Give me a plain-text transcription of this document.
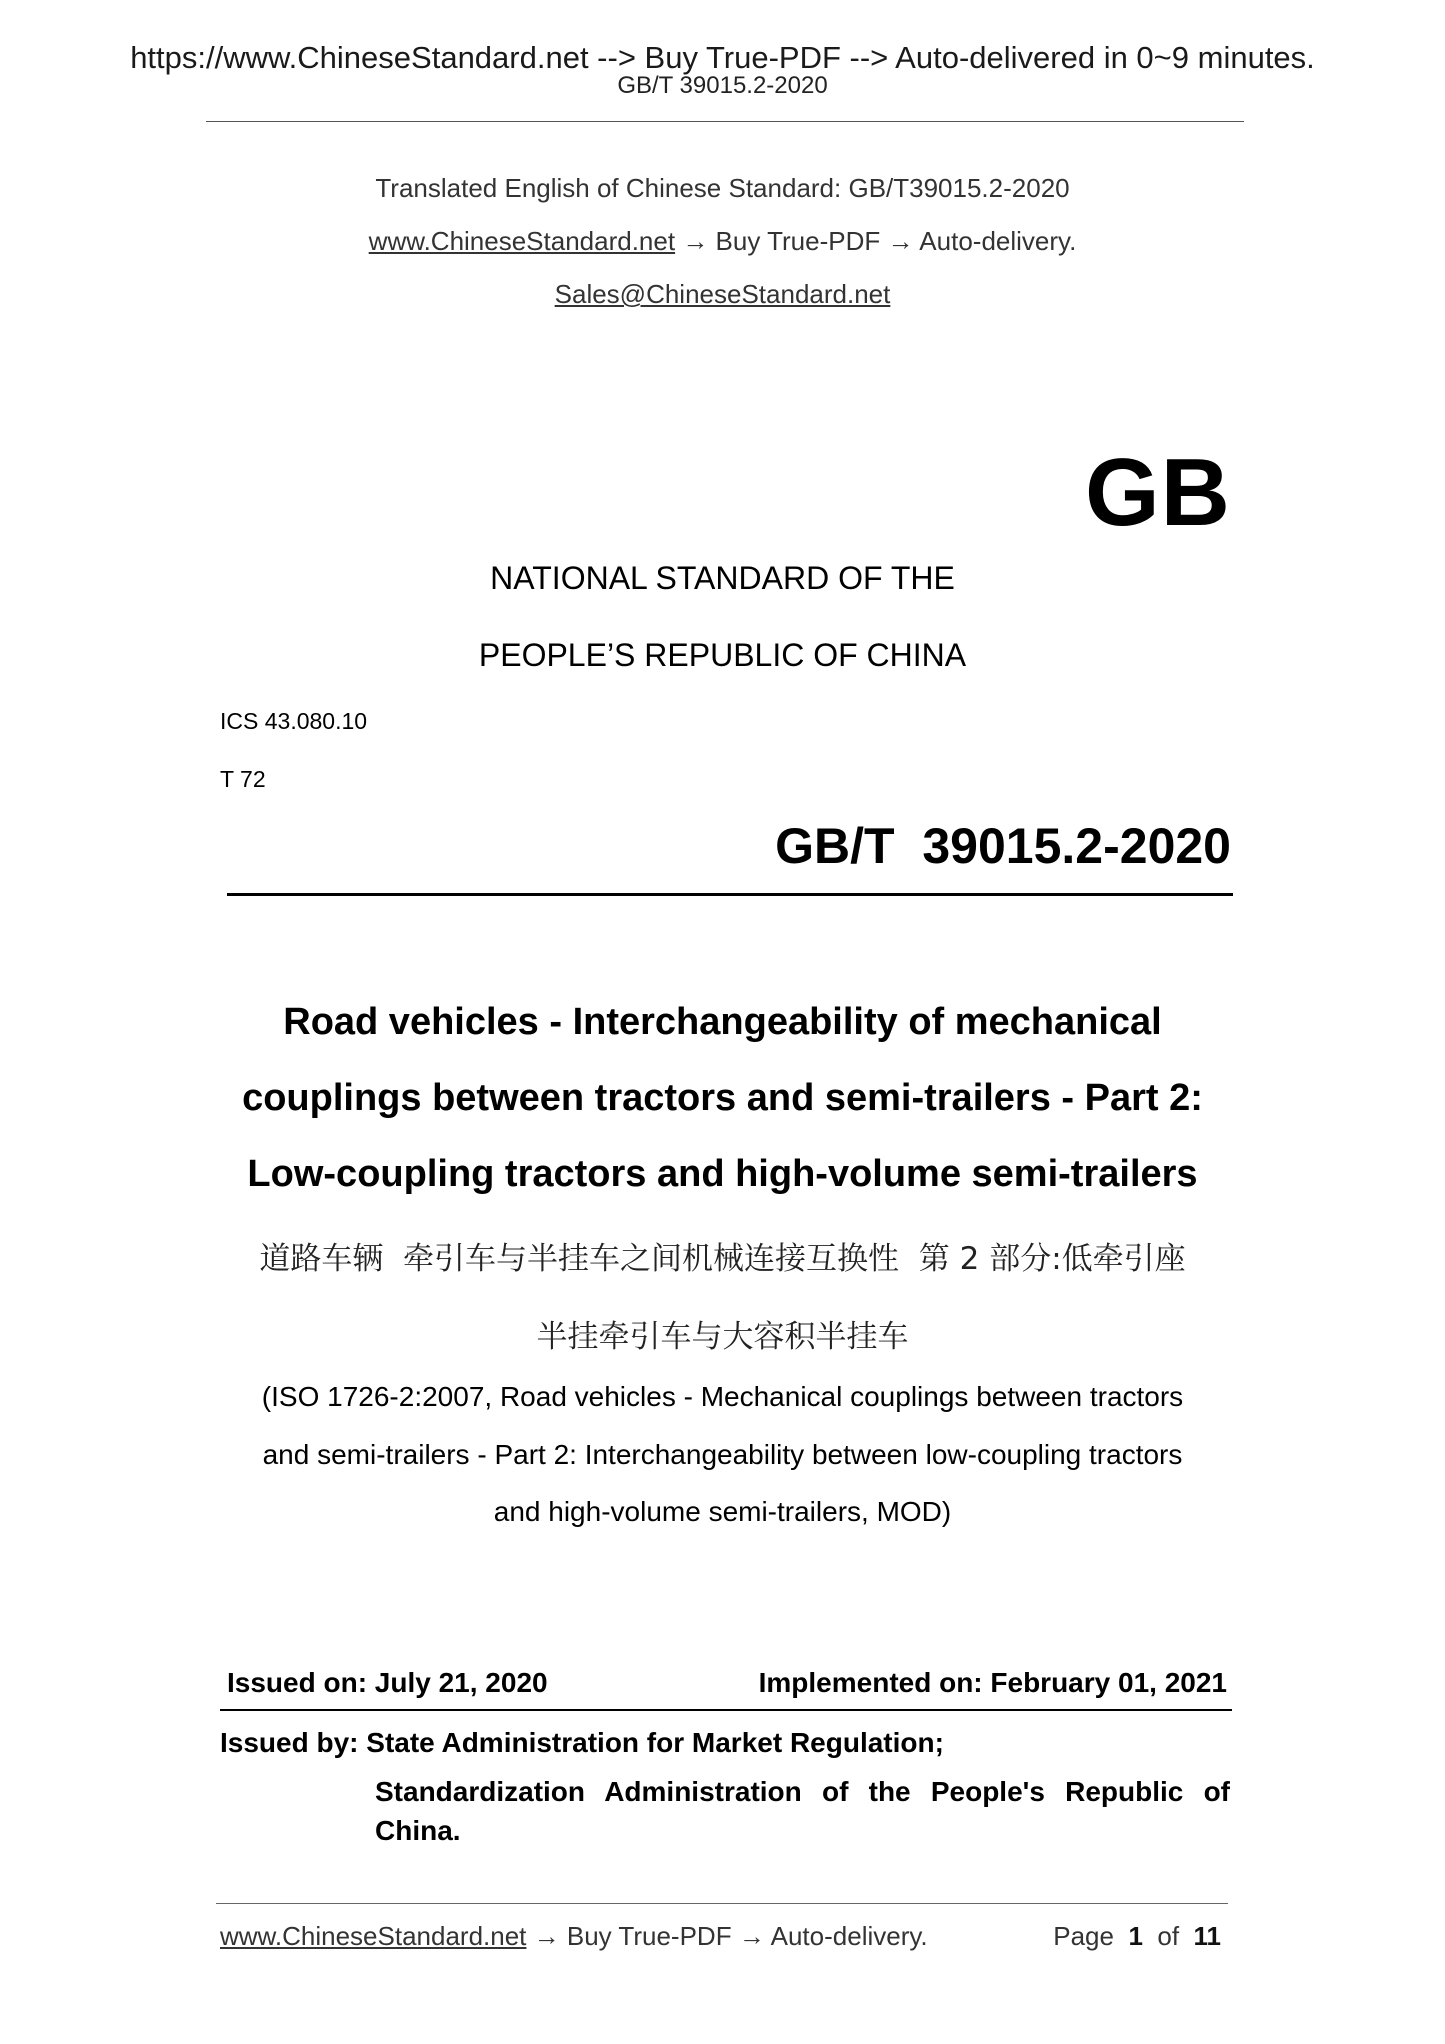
https://www.ChineseStandard.net --> Buy True-PDF --> Auto-delivered in 0~9 minutes.
GB/T 39015.2-2020
Translated English of Chinese Standard: GB/T39015.2-2020
www.ChineseStandard.net → Buy True-PDF → Auto-delivery.
Sales@ChineseStandard.net
GB
NATIONAL STANDARD OF THE
PEOPLE’S REPUBLIC OF CHINA
ICS 43.080.10
T 72
GB/T  39015.2-2020
Road vehicles - Interchangeability of mechanical
couplings between tractors and semi-trailers - Part 2:
Low-coupling tractors and high-volume semi-trailers
道路车辆  牵引车与半挂车之间机械连接互换性  第 2 部分:低牵引座
半挂牵引车与大容积半挂车
(ISO 1726-2:2007, Road vehicles - Mechanical couplings between tractors
and semi-trailers - Part 2: Interchangeability between low-coupling tractors
and high-volume semi-trailers, MOD)
Issued on: July 21, 2020	Implemented on: February 01, 2021
Issued by: State Administration for Market Regulation;
Standardization Administration of the People's Republic of
China.
www.ChineseStandard.net → Buy True-PDF → Auto-delivery.	Page 1 of 11
